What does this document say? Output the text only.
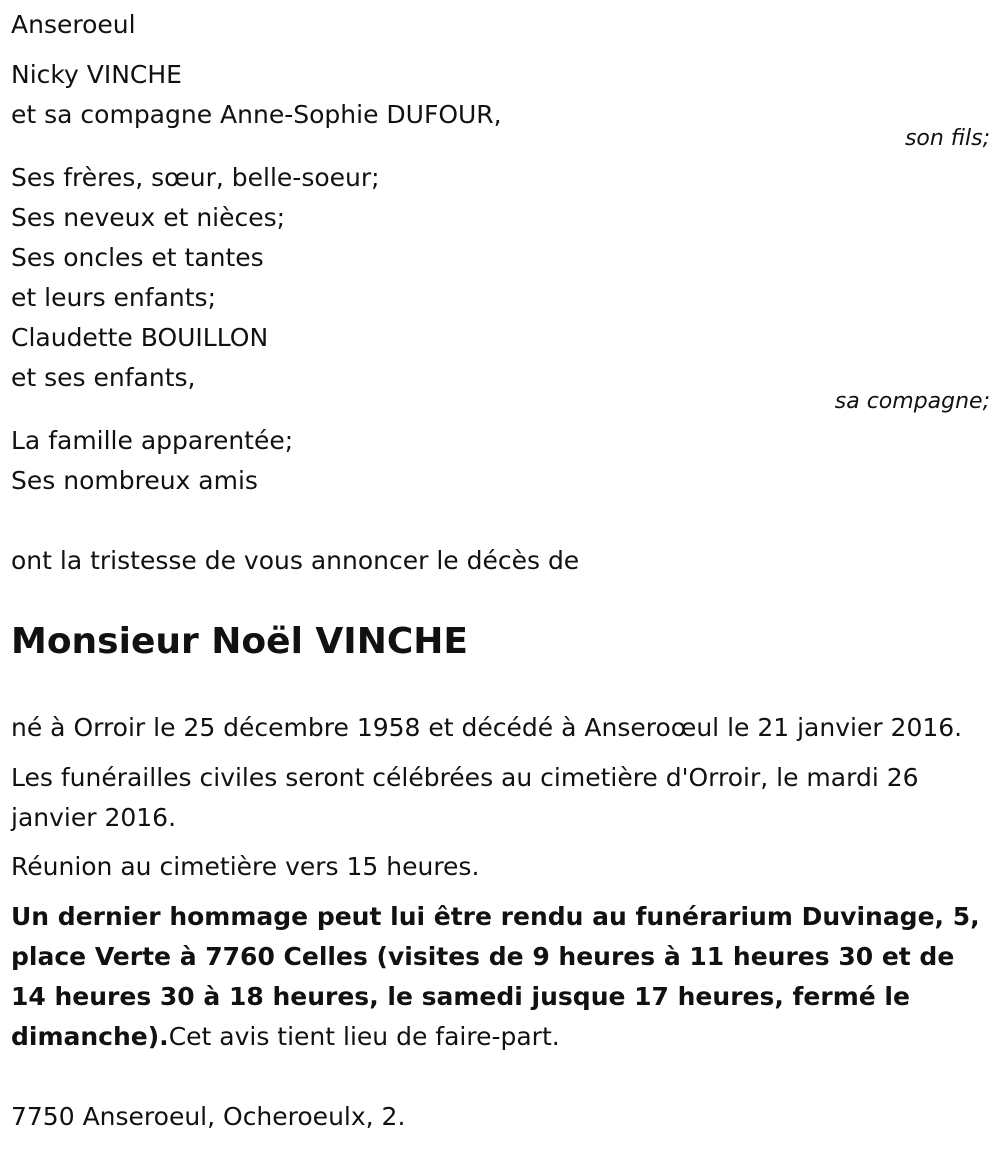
Anseroeul
Nicky VINCHE
et sa compagne Anne-Sophie DUFOUR,
son fils;
Ses frères, sœur, belle-soeur;
Ses neveux et nièces;
Ses oncles et tantes
et leurs enfants;
Claudette BOUILLON
et ses enfants,
sa compagne;
La famille apparentée;
Ses nombreux amis
ont la tristesse de vous annoncer le décès de
Monsieur Noël VINCHE
né à Orroir le 25 décembre 1958 et décédé à Anseroœul le 21 janvier 2016.
Les funérailles civiles seront célébrées au cimetière d'Orroir, le mardi 26 janvier 2016.
Réunion au cimetière vers 15 heures.
Un dernier hommage peut lui être rendu au funérarium Duvinage, 5, place Verte à 7760 Celles (visites de 9 heures à 11 heures 30 et de 14 heures 30 à 18 heures, le samedi jusque 17 heures, fermé le dimanche).Cet avis tient lieu de faire-part.
7750 Anseroeul, Ocheroeulx, 2.
